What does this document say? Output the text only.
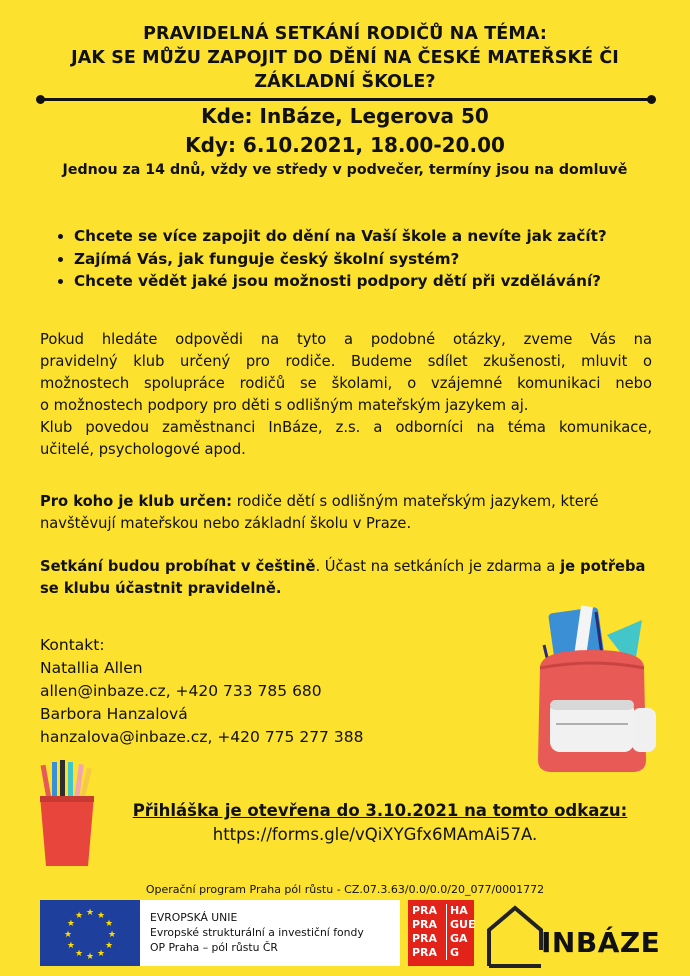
PRAVIDELNÁ SETKÁNÍ RODIČŮ NA TÉMA:
JAK SE MŮŽU ZAPOJIT DO DĚNÍ NA ČESKÉ MATEŘSKÉ ČI
ZÁKLADNÍ ŠKOLE?
Kde: InBáze, Legerova 50
Kdy: 6.10.2021, 18.00-20.00
Jednou za 14 dnů, vždy ve středy v podvečer, termíny jsou na domluvě
• Chcete se více zapojit do dění na Vaší škole a nevíte jak začít?
• Zajímá Vás, jak funguje český školní systém?
• Chcete vědět jaké jsou možnosti podpory dětí při vzdělávání?
Pokud hledáte odpovědi na tyto a podobné otázky, zveme Vás na
pravidelný klub určený pro rodiče. Budeme sdílet zkušenosti, mluvit o
možnostech spolupráce rodičů se školami, o vzájemné komunikaci nebo
o možnostech podpory pro děti s odlišným mateřským jazykem aj.
Klub povedou zaměstnanci InBáze, z.s. a odborníci na téma komunikace,
učitelé, psychologové apod.
Pro koho je klub určen: rodiče dětí s odlišným mateřským jazykem, které navštěvují mateřskou nebo základní školu v Praze.
Setkání budou probíhat v češtině. Účast na setkáních je zdarma a je potřeba se klubu účastnit pravidelně.
Kontakt:
Natallia Allen
allen@inbaze.cz, +420 733 785 680
Barbora Hanzalová
hanzalova@inbaze.cz, +420 775 277 388
Přihláška je otevřena do 3.10.2021 na tomto odkazu:
https://forms.gle/vQiXYGfx6MAmAi57A.
Operační program Praha pól růstu - CZ.07.3.63/0.0/0.0/20_077/0001772
★
★
★
★
★
★
★
★
★ ★ ★
★	EVROPSKÁ UNIE
Evropské strukturální a investiční fondy
OP Praha – pól růstu ČR
PRA
PRA
PRA
PRA
HA
GUE
GA
G	INBÁZE
